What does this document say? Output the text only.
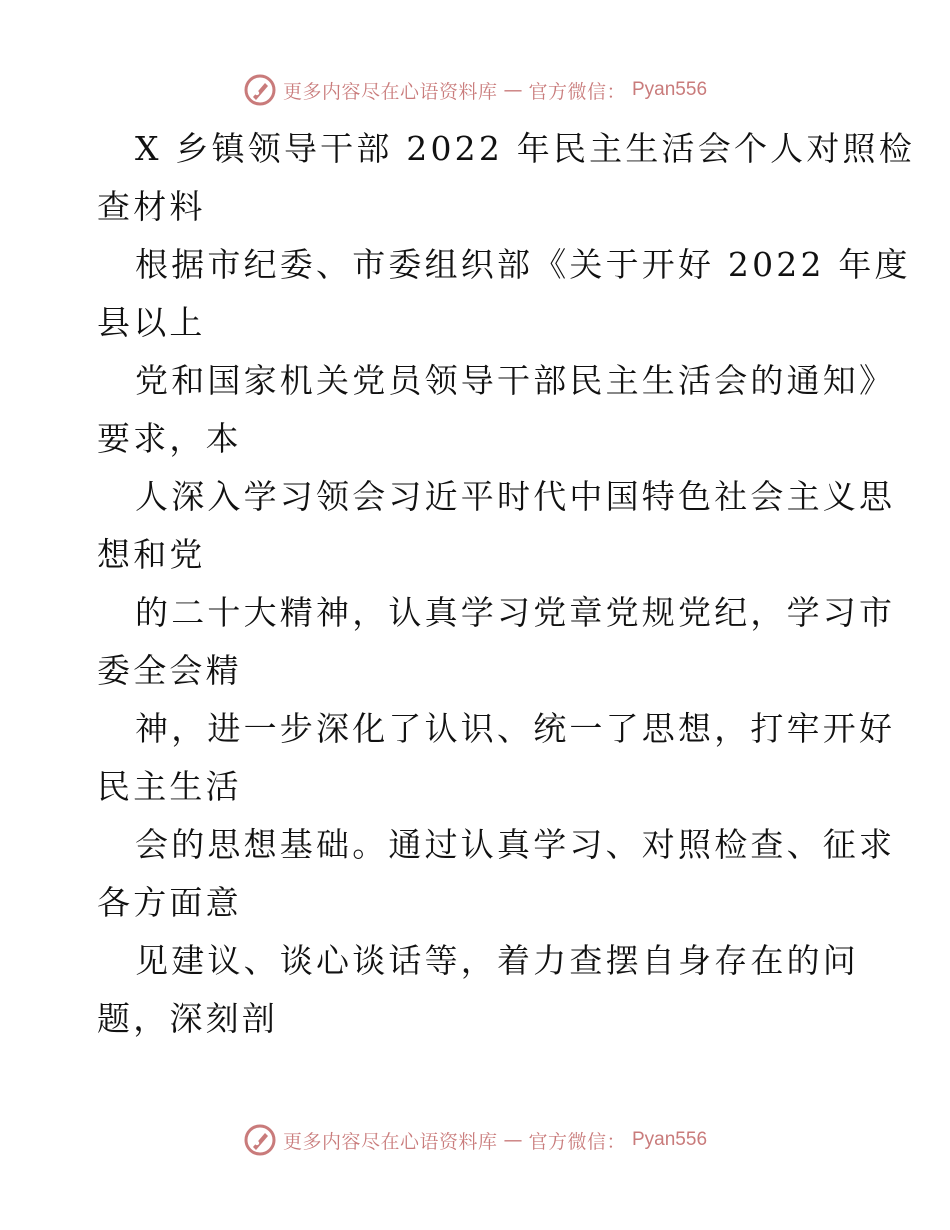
更多内容尽在心语资料库 — 官方微信： Pyan556
X 乡镇领导干部 2022 年民主生活会个人对照检
查材料
根据市纪委、市委组织部《关于开好 2022 年度
县以上
党和国家机关党员领导干部民主生活会的通知》
要求，本
人深入学习领会习近平时代中国特色社会主义思
想和党
的二十大精神，认真学习党章党规党纪，学习市
委全会精
神，进一步深化了认识、统一了思想，打牢开好
民主生活
会的思想基础。通过认真学习、对照检查、征求
各方面意
见建议、谈心谈话等，着力查摆自身存在的问
题，深刻剖
更多内容尽在心语资料库 — 官方微信： Pyan556
